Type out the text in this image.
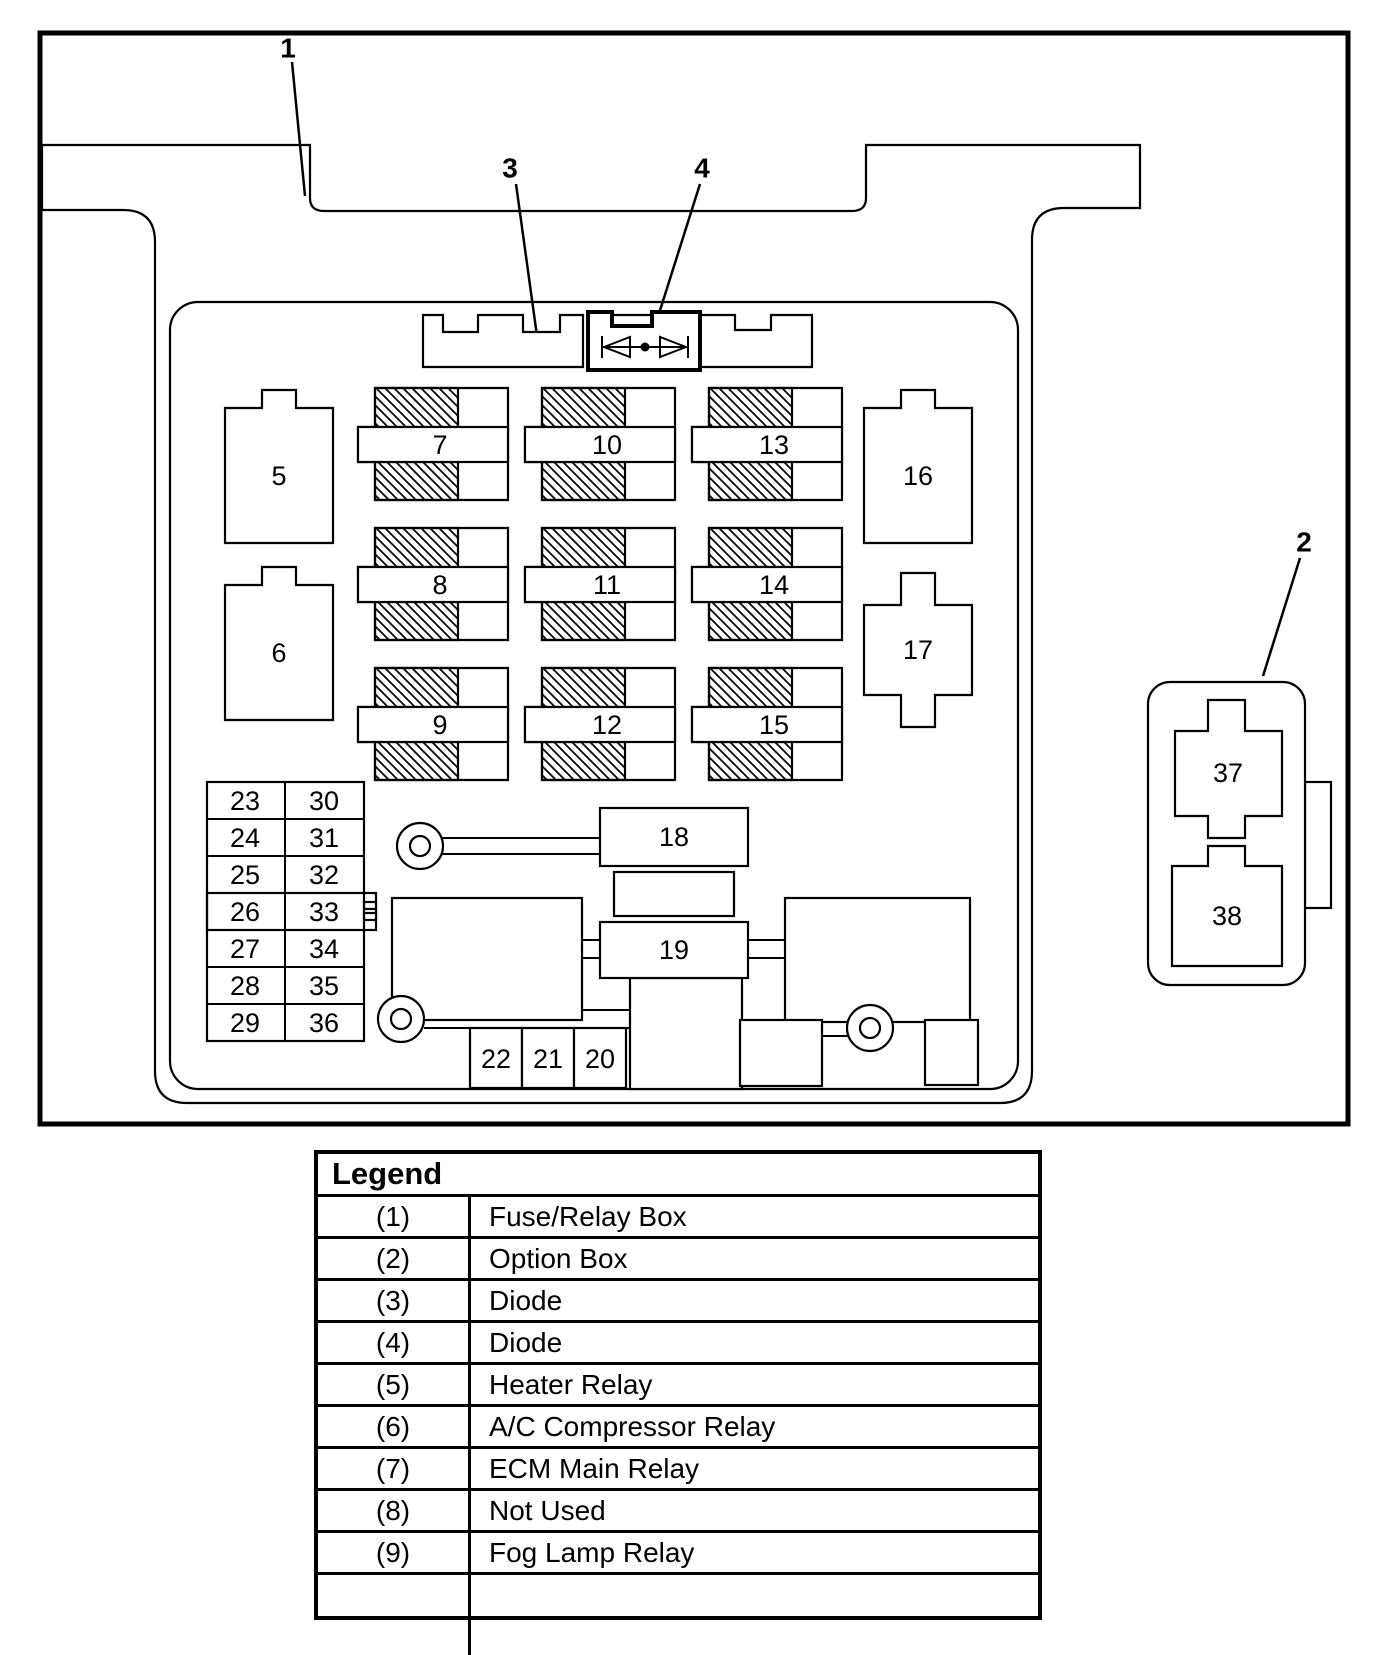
1
3	4
2
5
6
16
17
7	10	13
8	11	14
9	12	15
23 30
24 31
25 32
26 33
27 34
28 35
29 36
18
19
22 21 20
37
38
Legend
(1)	Fuse/Relay Box
(2)	Option Box
(3)	Diode
(4)	Diode
(5)	Heater Relay
(6)	A/C Compressor Relay
(7)	ECM Main Relay
(8)	Not Used
(9)	Fog Lamp Relay
